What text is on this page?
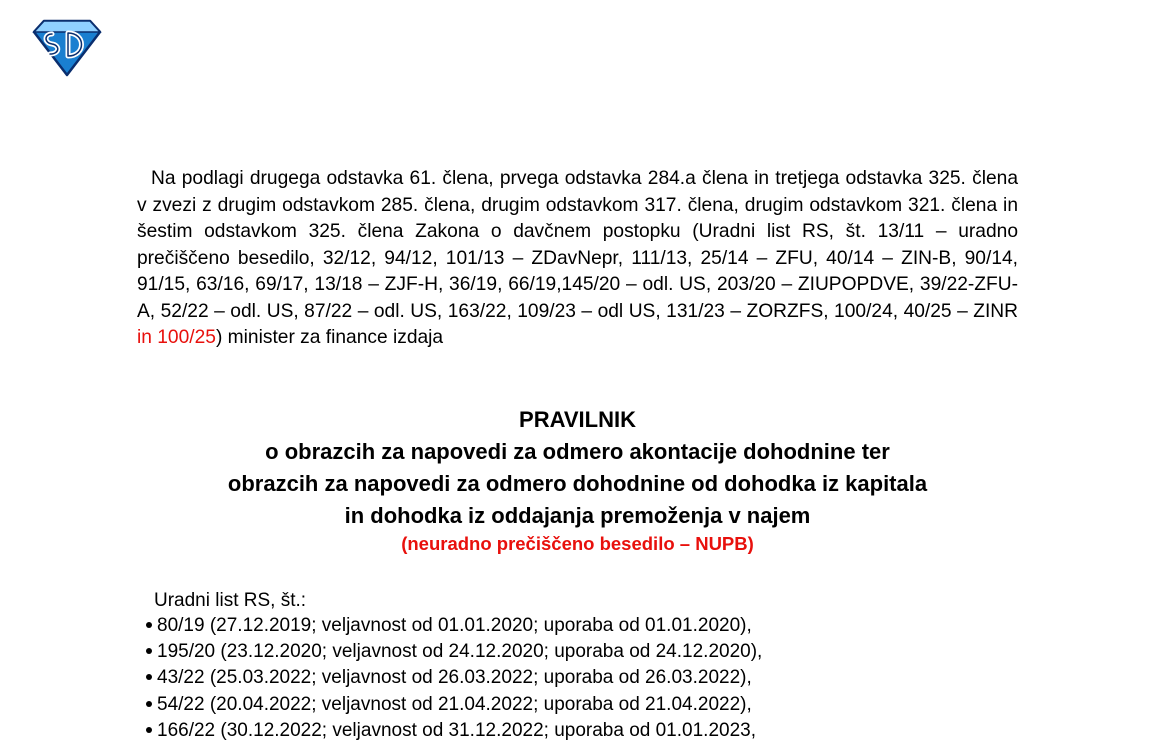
Na podlagi drugega odstavka 61. člena, prvega odstavka 284.a člena in tretjega odstavka 325. člena v zvezi z drugim odstavkom 285. člena, drugim odstavkom 317. člena, drugim odstavkom 321. člena in šestim odstavkom 325. člena Zakona o davčnem postopku (Uradni list RS, št. 13/11 – uradno prečiščeno besedilo, 32/12, 94/12, 101/13 – ZDavNepr, 111/13, 25/14 – ZFU, 40/14 – ZIN-B, 90/14, 91/15, 63/16, 69/17, 13/18 – ZJF-H, 36/19, 66/19,145/20 – odl. US, 203/20 – ZIUPOPDVE, 39/22-ZFU-A, 52/22 – odl. US, 87/22 – odl. US, 163/22, 109/23 – odl US, 131/23 – ZORZFS, 100/24, 40/25 – ZINR in 100/25) minister za finance izdaja

PRAVILNIK
o obrazcih za napovedi za odmero akontacije dohodnine ter
obrazcih za napovedi za odmero dohodnine od dohodka iz kapitala
in dohodka iz oddajanja premoženja v najem
(neuradno prečiščeno besedilo – NUPB)

Uradni list RS, št.:

80/19 (27.12.2019; veljavnost od 01.01.2020; uporaba od 01.01.2020),
195/20 (23.12.2020; veljavnost od 24.12.2020; uporaba od 24.12.2020),
43/22 (25.03.2022; veljavnost od 26.03.2022; uporaba od 26.03.2022),
54/22 (20.04.2022; veljavnost od 21.04.2022; uporaba od 21.04.2022),
166/22 (30.12.2022; veljavnost od 31.12.2022; uporaba od 01.01.2023,
